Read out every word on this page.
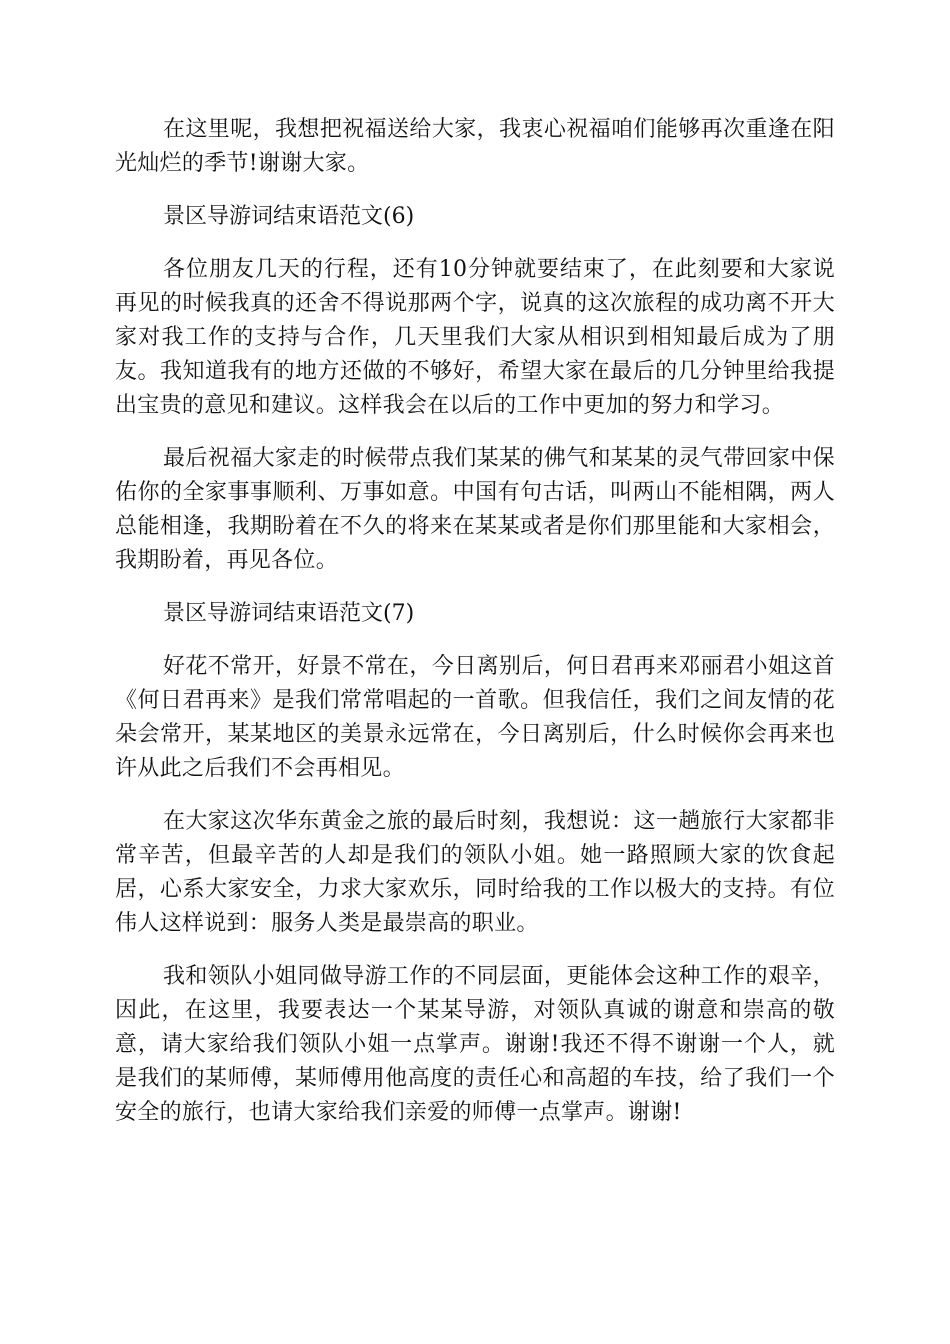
在这里呢，我想把祝福送给大家，我衷心祝福咱们能够再次重逢在阳光灿烂的季节!谢谢大家。

景区导游词结束语范文(6)

各位朋友几天的行程，还有10分钟就要结束了，在此刻要和大家说再见的时候我真的还舍不得说那两个字，说真的这次旅程的成功离不开大家对我工作的支持与合作，几天里我们大家从相识到相知最后成为了朋友。我知道我有的地方还做的不够好，希望大家在最后的几分钟里给我提出宝贵的意见和建议。这样我会在以后的工作中更加的努力和学习。

最后祝福大家走的时候带点我们某某的佛气和某某的灵气带回家中保佑你的全家事事顺利、万事如意。中国有句古话，叫两山不能相隅，两人总能相逢，我期盼着在不久的将来在某某或者是你们那里能和大家相会，我期盼着，再见各位。

景区导游词结束语范文(7)

好花不常开，好景不常在，今日离别后，何日君再来邓丽君小姐这首《何日君再来》是我们常常唱起的一首歌。但我信任，我们之间友情的花朵会常开，某某地区的美景永远常在，今日离别后，什么时候你会再来也许从此之后我们不会再相见。

在大家这次华东黄金之旅的最后时刻，我想说：这一趟旅行大家都非常辛苦，但最辛苦的人却是我们的领队小姐。她一路照顾大家的饮食起居，心系大家安全，力求大家欢乐，同时给我的工作以极大的支持。有位伟人这样说到：服务人类是最崇高的职业。

我和领队小姐同做导游工作的不同层面，更能体会这种工作的艰辛，因此，在这里，我要表达一个某某导游，对领队真诚的谢意和崇高的敬意，请大家给我们领队小姐一点掌声。谢谢!我还不得不谢谢一个人，就是我们的某师傅，某师傅用他高度的责任心和高超的车技，给了我们一个安全的旅行，也请大家给我们亲爱的师傅一点掌声。谢谢!
